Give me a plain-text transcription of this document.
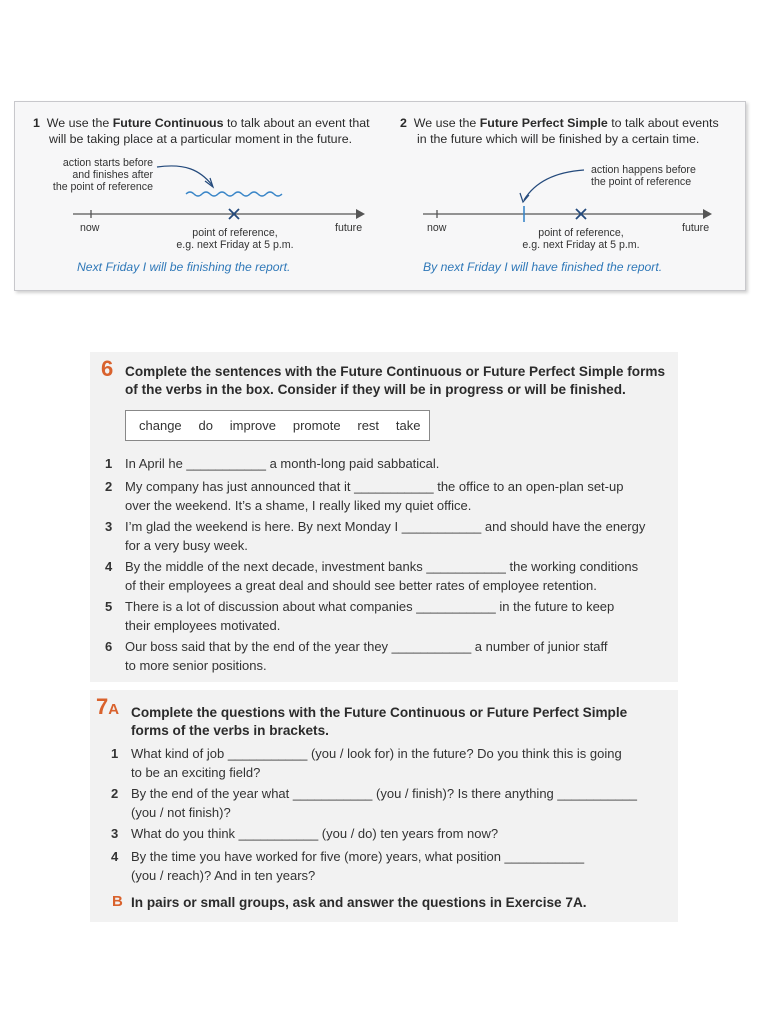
1 We use the Future Continuous to talk about an event that
will be taking place at a particular moment in the future.
action starts before
and finishes after
the point of reference
now	future
point of reference,
e.g. next Friday at 5 p.m.
Next Friday I will be finishing the report.
2 We use the Future Perfect Simple to talk about events
in the future which will be finished by a certain time.
action happens before
the point of reference
now	future
point of reference,
e.g. next Friday at 5 p.m.
By next Friday I will have finished the report.
6 Complete the sentences with the Future Continuous or Future Perfect Simple forms
of the verbs in the box. Consider if they will be in progress or will be finished.
change   do   improve   promote   rest   take
1 In April he ___________ a month-long paid sabbatical.
2 My company has just announced that it ___________ the office to an open-plan set-up
over the weekend. It’s a shame, I really liked my quiet office.
3 I’m glad the weekend is here. By next Monday I ___________ and should have the energy
for a very busy week.
4 By the middle of the next decade, investment banks ___________ the working conditions
of their employees a great deal and should see better rates of employee retention.
5 There is a lot of discussion about what companies ___________ in the future to keep
their employees motivated.
6 Our boss said that by the end of the year they ___________ a number of junior staff
to more senior positions.
7A Complete the questions with the Future Continuous or Future Perfect Simple
forms of the verbs in brackets.
1 What kind of job ___________ (you / look for) in the future? Do you think this is going
to be an exciting field?
2 By the end of the year what ___________ (you / finish)? Is there anything ___________
(you / not finish)?
3 What do you think ___________ (you / do) ten years from now?
4 By the time you have worked for five (more) years, what position ___________
(you / reach)? And in ten years?
B In pairs or small groups, ask and answer the questions in Exercise 7A.
